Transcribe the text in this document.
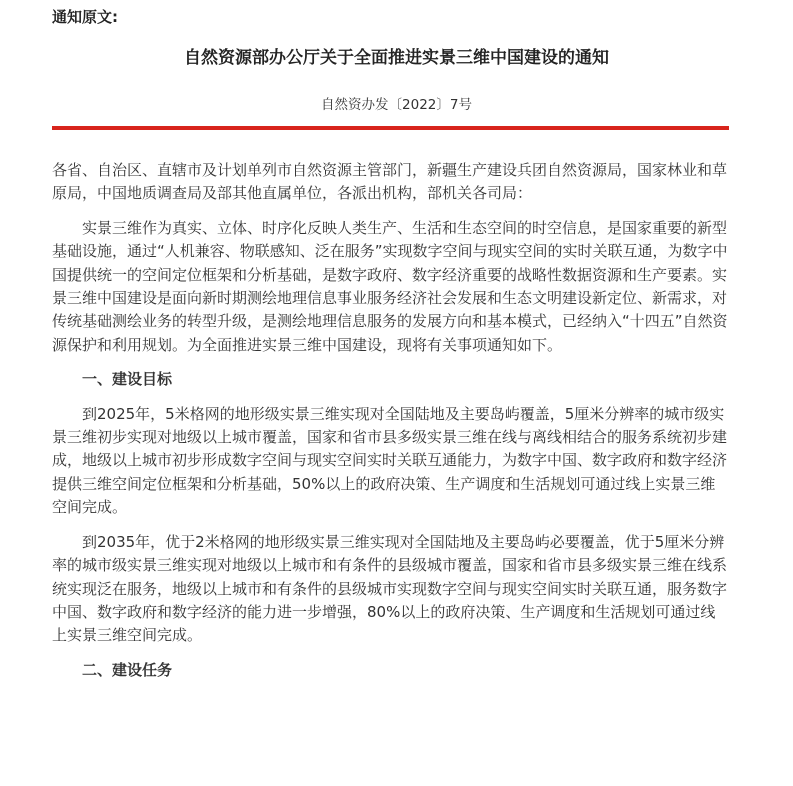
通知原文:
自然资源部办公厅关于全面推进实景三维中国建设的通知
自然资办发〔2022〕7号

各省、自治区、直辖市及计划单列市自然资源主管部门，新疆生产建设兵团自然资源局，国家林业和草原局，中国地质调查局及部其他直属单位，各派出机构，部机关各司局：

实景三维作为真实、立体、时序化反映人类生产、生活和生态空间的时空信息，是国家重要的新型基础设施，通过“人机兼容、物联感知、泛在服务”实现数字空间与现实空间的实时关联互通，为数字中国提供统一的空间定位框架和分析基础，是数字政府、数字经济重要的战略性数据资源和生产要素。实景三维中国建设是面向新时期测绘地理信息事业服务经济社会发展和生态文明建设新定位、新需求，对传统基础测绘业务的转型升级，是测绘地理信息服务的发展方向和基本模式，已经纳入“十四五”自然资源保护和利用规划。为全面推进实景三维中国建设，现将有关事项通知如下。

一、建设目标

到2025年，5米格网的地形级实景三维实现对全国陆地及主要岛屿覆盖，5厘米分辨率的城市级实景三维初步实现对地级以上城市覆盖，国家和省市县多级实景三维在线与离线相结合的服务系统初步建成，地级以上城市初步形成数字空间与现实空间实时关联互通能力，为数字中国、数字政府和数字经济提供三维空间定位框架和分析基础，50%以上的政府决策、生产调度和生活规划可通过线上实景三维空间完成。

到2035年，优于2米格网的地形级实景三维实现对全国陆地及主要岛屿必要覆盖，优于5厘米分辨率的城市级实景三维实现对地级以上城市和有条件的县级城市覆盖，国家和省市县多级实景三维在线系统实现泛在服务，地级以上城市和有条件的县级城市实现数字空间与现实空间实时关联互通，服务数字中国、数字政府和数字经济的能力进一步增强，80%以上的政府决策、生产调度和生活规划可通过线上实景三维空间完成。

二、建设任务
